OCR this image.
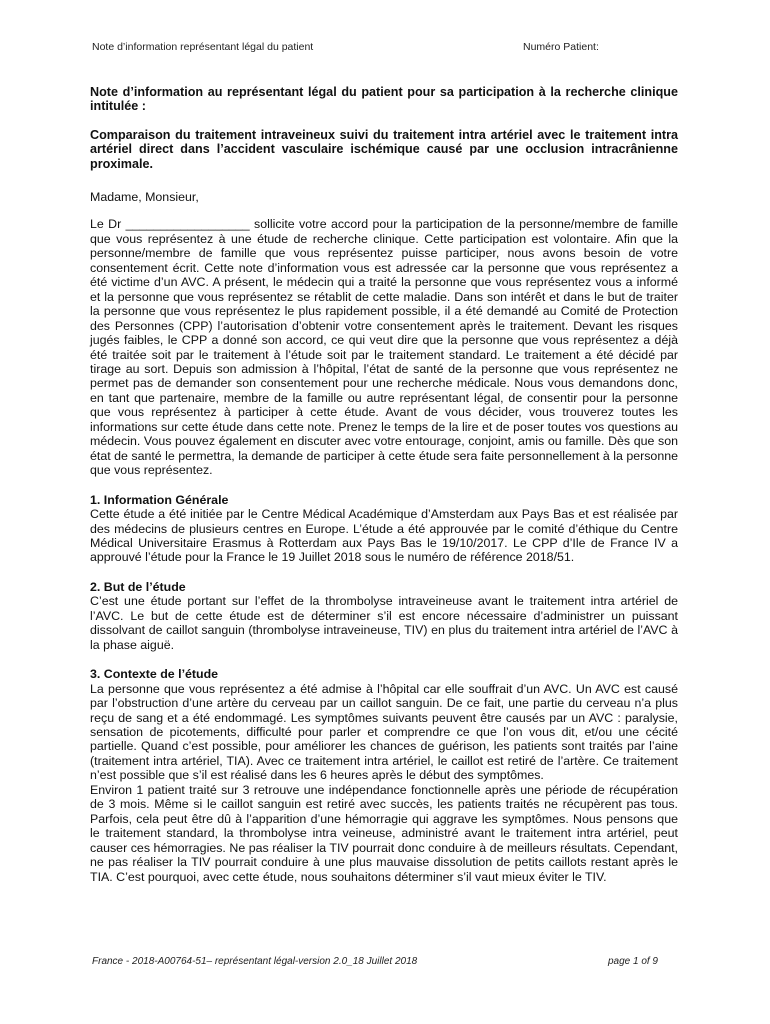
Note d’information représentant légal du patient	Numéro Patient:

Note d’information au représentant légal du patient pour sa participation à la recherche clinique intitulée :

Comparaison du traitement intraveineux suivi du traitement intra artériel avec le traitement intra artériel direct dans l’accident vasculaire ischémique causé par une occlusion intracrânienne proximale.

Madame, Monsieur,

Le Dr __________________ sollicite votre accord pour la participation de la personne/membre de famille que vous représentez à une étude de recherche clinique. Cette participation est volontaire. Afin que la personne/membre de famille que vous représentez puisse participer, nous avons besoin de votre consentement écrit. Cette note d’information vous est adressée car la personne que vous représentez a été victime d’un AVC. A présent, le médecin qui a traité la personne que vous représentez vous a informé et la personne que vous représentez se rétablit de cette maladie. Dans son intérêt et dans le but de traiter la personne que vous représentez le plus rapidement possible, il a été demandé au Comité de Protection des Personnes (CPP) l’autorisation d’obtenir votre consentement après le traitement. Devant les risques jugés faibles, le CPP a donné son accord, ce qui veut dire que la personne que vous représentez a déjà été traitée soit par le traitement à l’étude soit par le traitement standard. Le traitement a été décidé par tirage au sort. Depuis son admission à l’hôpital, l’état de santé de la personne que vous représentez ne permet pas de demander son consentement pour une recherche médicale. Nous vous demandons donc, en tant que partenaire, membre de la famille ou autre représentant légal, de consentir pour la personne que vous représentez à participer à cette étude. Avant de vous décider, vous trouverez toutes les informations sur cette étude dans cette note. Prenez le temps de la lire et de poser toutes vos questions au médecin. Vous pouvez également en discuter avec votre entourage, conjoint, amis ou famille. Dès que son état de santé le permettra, la demande de participer à cette étude sera faite personnellement à la personne que vous représentez.

1. Information Générale

Cette étude a été initiée par le Centre Médical Académique d’Amsterdam aux Pays Bas et est réalisée par des médecins de plusieurs centres en Europe. L’étude a été approuvée par le comité d’éthique du Centre Médical Universitaire Erasmus à Rotterdam aux Pays Bas le 19/10/2017. Le CPP d’Ile de France IV a approuvé l’étude pour la France le 19 Juillet 2018 sous le numéro de référence 2018/51.

2. But de l’étude

C’est une étude portant sur l’effet de la thrombolyse intraveineuse avant le traitement intra artériel de l’AVC. Le but de cette étude est de déterminer s’il est encore nécessaire d’administrer un puissant dissolvant de caillot sanguin (thrombolyse intraveineuse, TIV) en plus du traitement intra artériel de l’AVC à la phase aiguë.

3. Contexte de l’étude

La personne que vous représentez a été admise à l’hôpital car elle souffrait d’un AVC. Un AVC est causé par l’obstruction d’une artère du cerveau par un caillot sanguin. De ce fait, une partie du cerveau n’a plus reçu de sang et a été endommagé. Les symptômes suivants peuvent être causés par un AVC : paralysie, sensation de picotements, difficulté pour parler et comprendre ce que l’on vous dit, et/ou une cécité partielle. Quand c’est possible, pour améliorer les chances de guérison, les patients sont traités par l’aine (traitement intra artériel, TIA). Avec ce traitement intra artériel, le caillot est retiré de l’artère. Ce traitement n’est possible que s’il est réalisé dans les 6 heures après le début des symptômes.

Environ 1 patient traité sur 3 retrouve une indépendance fonctionnelle après une période de récupération de 3 mois. Même si le caillot sanguin est retiré avec succès, les patients traités ne récupèrent pas tous. Parfois, cela peut être dû à l’apparition d’une hémorragie qui aggrave les symptômes. Nous pensons que le traitement standard, la thrombolyse intra veineuse, administré avant le traitement intra artériel, peut causer ces hémorragies. Ne pas réaliser la TIV pourrait donc conduire à de meilleurs résultats. Cependant, ne pas réaliser la TIV pourrait conduire à une plus mauvaise dissolution de petits caillots restant après le TIA. C’est pourquoi, avec cette étude, nous souhaitons déterminer s’il vaut mieux éviter le TIV.

France - 2018-A00764-51– représentant légal-version 2.0_18 Juillet 2018	page 1 of 9
